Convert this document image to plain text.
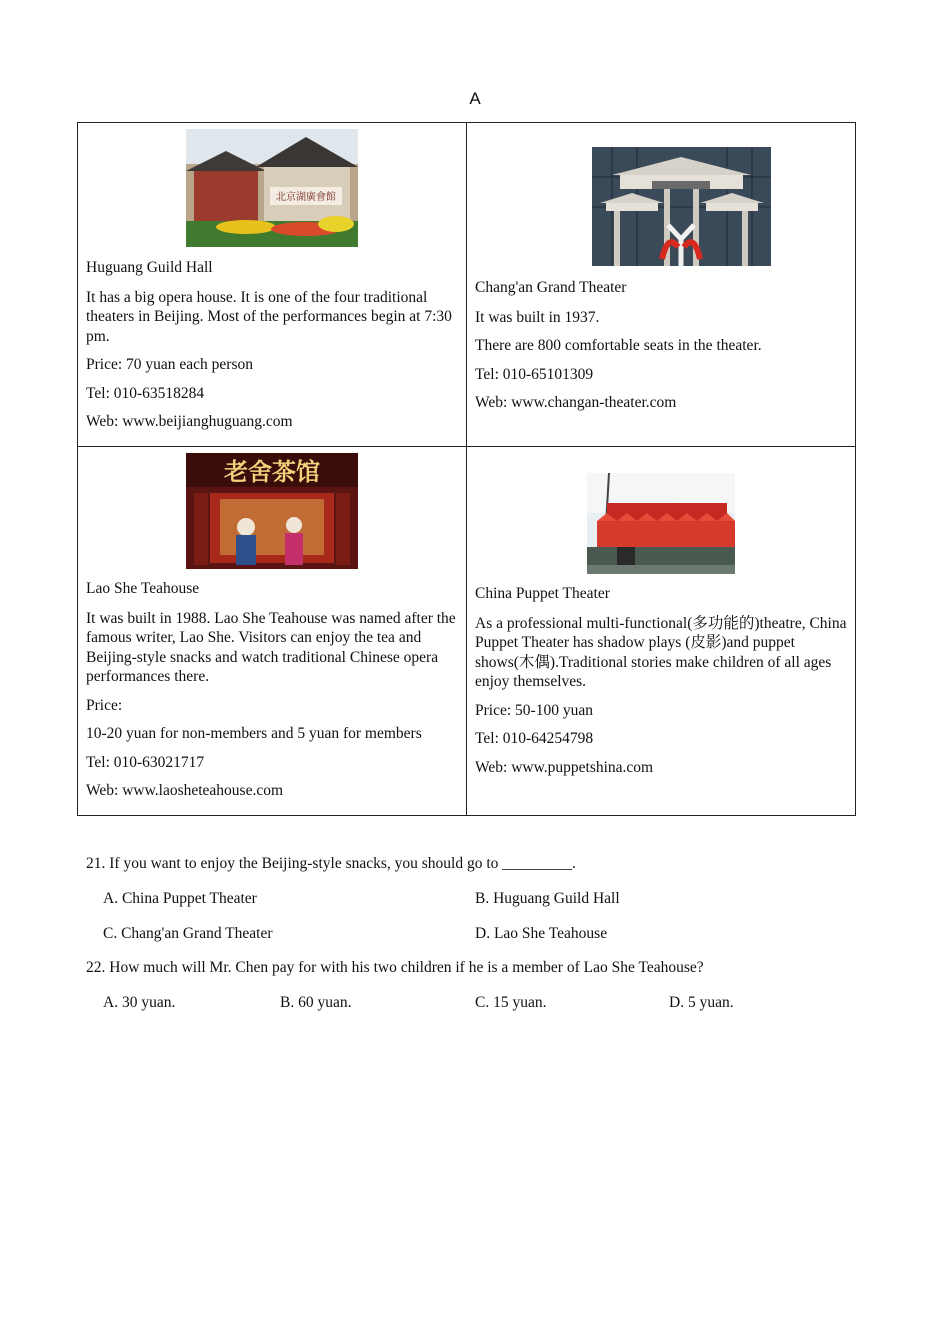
A
北京湖廣會館

Huguang Guild Hall

It has a big opera house. It is one of the four traditional theaters in Beijing. Most of the performances begin at 7:30 pm.

Price: 70 yuan each person

Tel: 010-63518284

Web: www.beijianghuguang.com

Chang'an Grand Theater

It was built in 1937.

There are 800 comfortable seats in the theater.

Tel: 010-65101309

Web: www.changan-theater.com

老舍茶馆

Lao She Teahouse

It was built in 1988. Lao She Teahouse was named after the famous writer, Lao She. Visitors can enjoy the tea and Beijing-style snacks and watch traditional Chinese opera performances there.

Price:

10-20 yuan for non-members and 5 yuan for members

Tel: 010-63021717

Web: www.laosheteahouse.com

China Puppet Theater

As a professional multi-functional(多功能的)theatre, China Puppet Theater has shadow plays (皮影)and puppet shows(木偶).Traditional stories make children of all ages enjoy themselves.

Price: 50-100 yuan

Tel: 010-64254798

Web: www.puppetshina.com

21. If you want to enjoy the Beijing-style snacks, you should go to _________.
A. China Puppet Theater	B. Huguang Guild Hall
C. Chang'an Grand Theater	D. Lao She Teahouse
22. How much will Mr. Chen pay for with his two children if he is a member of Lao She Teahouse?
A. 30 yuan.	B. 60 yuan.	C. 15 yuan.	D. 5 yuan.
